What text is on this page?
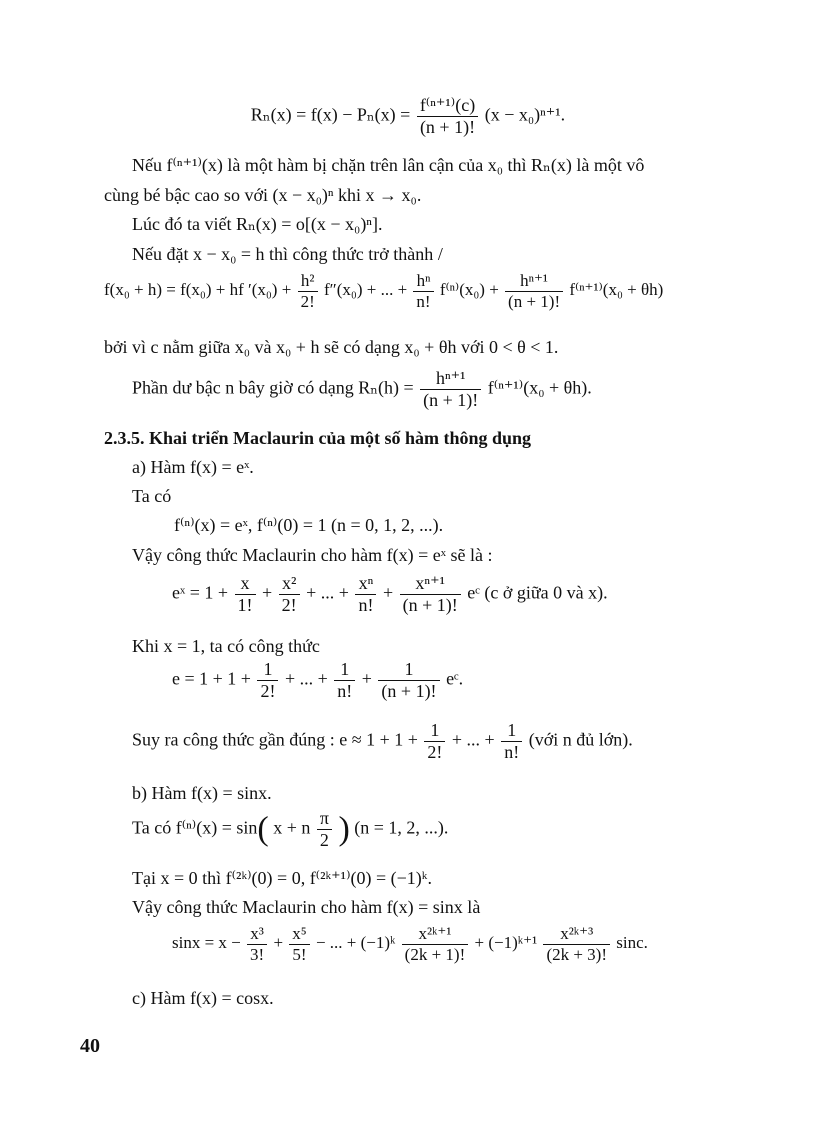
$R_n(x) = f(x) - P_n(x) = \frac{\text{f⁽ⁿ⁺¹⁾(c)}}{(n + 1)!} (x - x_0)^{n+1}$.
Nếu f⁽ⁿ⁺¹⁾(x) là một hàm bị chặn trên lân cận của x₀ thì Rₙ(x) là một vô
cùng bé bậc cao so với (x − x₀)ⁿ khi x → x₀.
Lúc đó ta viết Rₙ(x) = o[(x − x₀)ⁿ].
Nếu đặt x − x₀ = h thì công thức trở thành /
f(x₀ + h) = f(x₀) + hf $'(x_0) + \frac{\text{h²}}{2!} f''(x_0)$ + ... + $\frac{\text{hⁿ}}{n!} f^{(n)}(x_0) + \frac{\text{hⁿ⁺¹}}{(n + 1)!} f^{(n+1)}(x_0 + \theta h)$
bởi vì c nằm giữa x₀ và x₀ + h sẽ có dạng x₀ + θh với 0 < θ < 1.
Phần dư bậc n bây giờ có dạng $R_n(h) = \frac{\text{hⁿ⁺¹}}{(n + 1)!} f^{(n+1)}(x_0 + \theta h)$.
2.3.5. Khai triển Maclaurin của một số hàm thông dụng
a) Hàm f(x) = eˣ.
Ta có
f⁽ⁿ⁾(x) = eˣ, f⁽ⁿ⁾(0) = 1 (n = 0, 1, 2, ...).
Vậy công thức Maclaurin cho hàm f(x) = eˣ sẽ là :
eˣ = $1 + \frac{x}{1!} + \frac{\text{x²}}{2!}$ + ... + $\frac{\text{xⁿ}}{n!} + \frac{\text{xⁿ⁺¹}}{(n + 1)!}$ eᶜ (c ở giữa 0 và x).
Khi x = 1, ta có công thức
$e = 1 + 1 + \frac{1}{2!}$ + ... + $\frac{1}{n!} + \frac{1}{(n + 1)!}$ eᶜ.
Suy ra công thức gần đúng : $e \approx 1 + 1 + \frac{1}{2!}$ + ... + $\frac{1}{n!}$ (với n đủ lớn).
b) Hàm f(x) = sinx.
Ta có f⁽ⁿ⁾(x) = sin( x + n $\frac{\pi}{2}$ ) (n = 1, 2, ...).
Tại x = 0 thì f⁽²ᵏ⁾(0) = 0, f⁽²ᵏ⁺¹⁾(0) = (−1)ᵏ.
Vậy công thức Maclaurin cho hàm f(x) = sinx là
$\sin x = x - \frac{\text{x³}}{3!} + \frac{\text{x⁵}}{5!}$ − ... + (−1)ᵏ $\frac{\text{x²ᵏ⁺¹}}{(2k + 1)!}$ + (−1)ᵏ⁺¹ $\frac{\text{x²ᵏ⁺³}}{(2k + 3)!} \sin c$.
c) Hàm f(x) = cosx.
40
